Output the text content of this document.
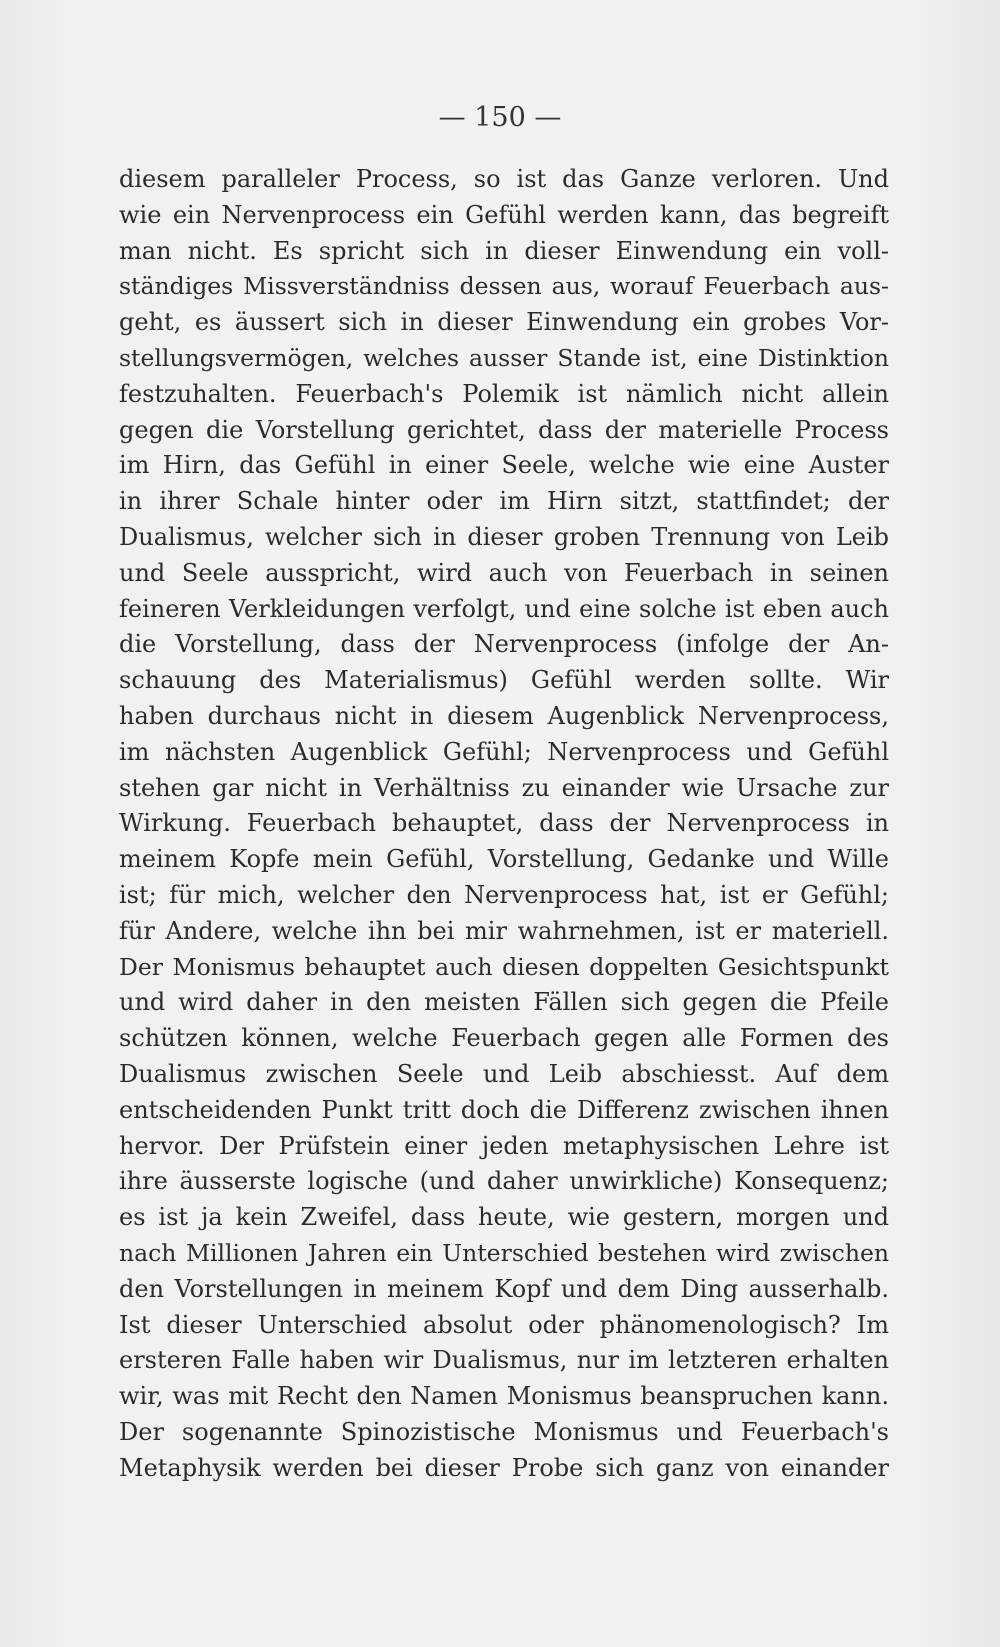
— 150 —
diesem paralleler Process, so ist das Ganze verloren. Und
wie ein Nervenprocess ein Gefühl werden kann, das begreift
man nicht. Es spricht sich in dieser Einwendung ein voll-
ständiges Missverständniss dessen aus, worauf Feuerbach aus-
geht, es äussert sich in dieser Einwendung ein grobes Vor-
stellungsvermögen, welches ausser Stande ist, eine Distinktion
festzuhalten. Feuerbach's Polemik ist nämlich nicht allein
gegen die Vorstellung gerichtet, dass der materielle Process
im Hirn, das Gefühl in einer Seele, welche wie eine Auster
in ihrer Schale hinter oder im Hirn sitzt, stattfindet; der
Dualismus, welcher sich in dieser groben Trennung von Leib
und Seele ausspricht, wird auch von Feuerbach in seinen
feineren Verkleidungen verfolgt, und eine solche ist eben auch
die Vorstellung, dass der Nervenprocess (infolge der An-
schauung des Materialismus) Gefühl werden sollte. Wir
haben durchaus nicht in diesem Augenblick Nervenprocess,
im nächsten Augenblick Gefühl; Nervenprocess und Gefühl
stehen gar nicht in Verhältniss zu einander wie Ursache zur
Wirkung. Feuerbach behauptet, dass der Nervenprocess in
meinem Kopfe mein Gefühl, Vorstellung, Gedanke und Wille
ist; für mich, welcher den Nervenprocess hat, ist er Gefühl;
für Andere, welche ihn bei mir wahrnehmen, ist er materiell.
Der Monismus behauptet auch diesen doppelten Gesichtspunkt
und wird daher in den meisten Fällen sich gegen die Pfeile
schützen können, welche Feuerbach gegen alle Formen des
Dualismus zwischen Seele und Leib abschiesst. Auf dem
entscheidenden Punkt tritt doch die Differenz zwischen ihnen
hervor. Der Prüfstein einer jeden metaphysischen Lehre ist
ihre äusserste logische (und daher unwirkliche) Konsequenz;
es ist ja kein Zweifel, dass heute, wie gestern, morgen und
nach Millionen Jahren ein Unterschied bestehen wird zwischen
den Vorstellungen in meinem Kopf und dem Ding ausserhalb.
Ist dieser Unterschied absolut oder phänomenologisch? Im
ersteren Falle haben wir Dualismus, nur im letzteren erhalten
wir, was mit Recht den Namen Monismus beanspruchen kann.
Der sogenannte Spinozistische Monismus und Feuerbach's
Metaphysik werden bei dieser Probe sich ganz von einander
